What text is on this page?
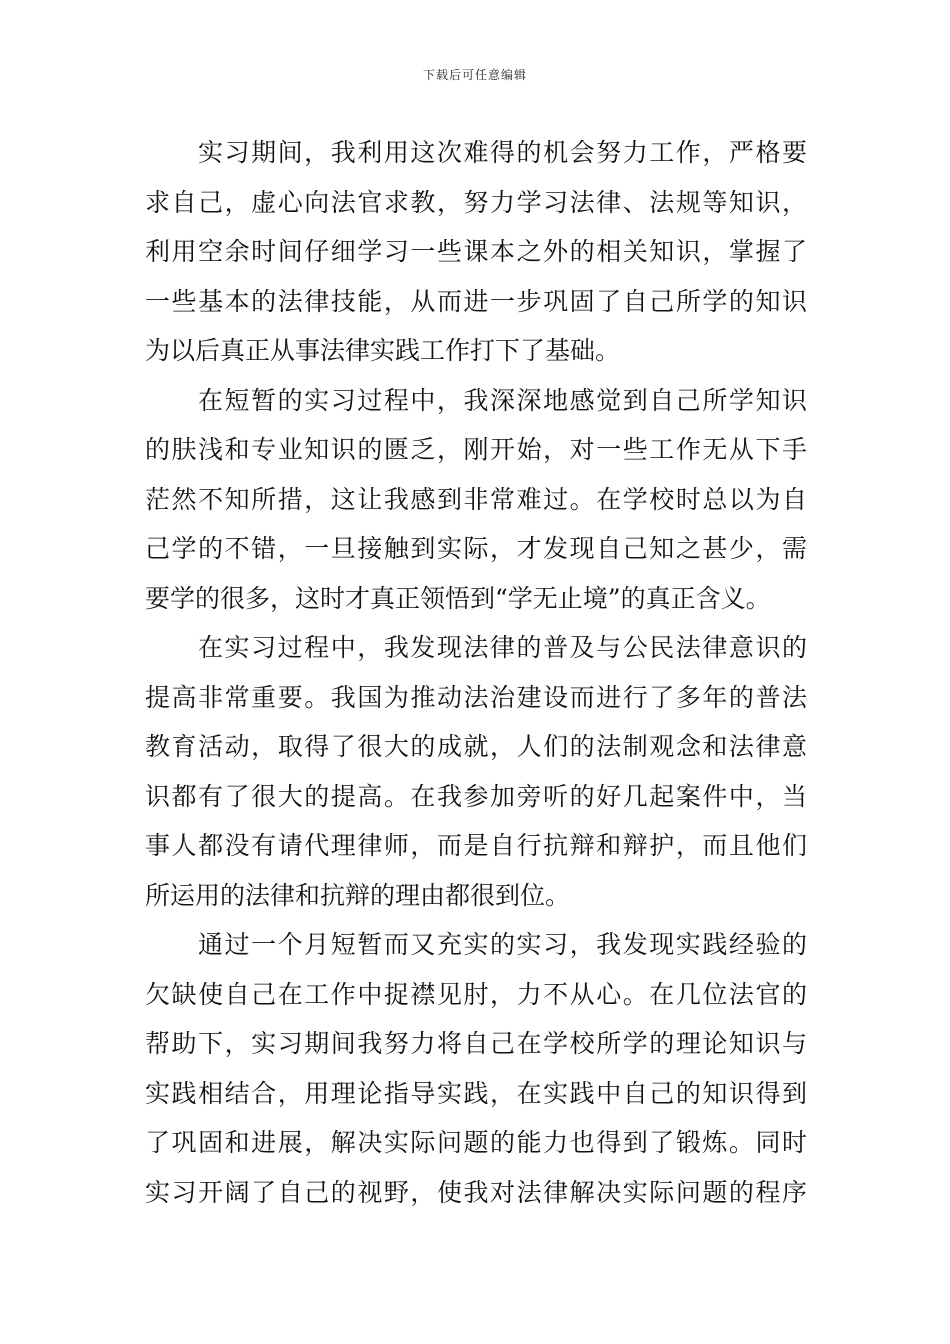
下载后可任意编辑
实习期间，我利用这次难得的机会努力工作，严格要
求自己，虚心向法官求教，努力学习法律、法规等知识，
利用空余时间仔细学习一些课本之外的相关知识，掌握了
一些基本的法律技能，从而进一步巩固了自己所学的知识
为以后真正从事法律实践工作打下了基础。
在短暂的实习过程中，我深深地感觉到自己所学知识
的肤浅和专业知识的匮乏，刚开始，对一些工作无从下手
茫然不知所措，这让我感到非常难过。在学校时总以为自
己学的不错，一旦接触到实际，才发现自己知之甚少，需
要学的很多，这时才真正领悟到“学无止境”的真正含义。
在实习过程中，我发现法律的普及与公民法律意识的
提高非常重要。我国为推动法治建设而进行了多年的普法
教育活动，取得了很大的成就，人们的法制观念和法律意
识都有了很大的提高。在我参加旁听的好几起案件中，当
事人都没有请代理律师，而是自行抗辩和辩护，而且他们
所运用的法律和抗辩的理由都很到位。
通过一个月短暂而又充实的实习，我发现实践经验的
欠缺使自己在工作中捉襟见肘，力不从心。在几位法官的
帮助下，实习期间我努力将自己在学校所学的理论知识与
实践相结合，用理论指导实践，在实践中自己的知识得到
了巩固和进展，解决实际问题的能力也得到了锻炼。同时
实习开阔了自己的视野，使我对法律解决实际问题的程序
